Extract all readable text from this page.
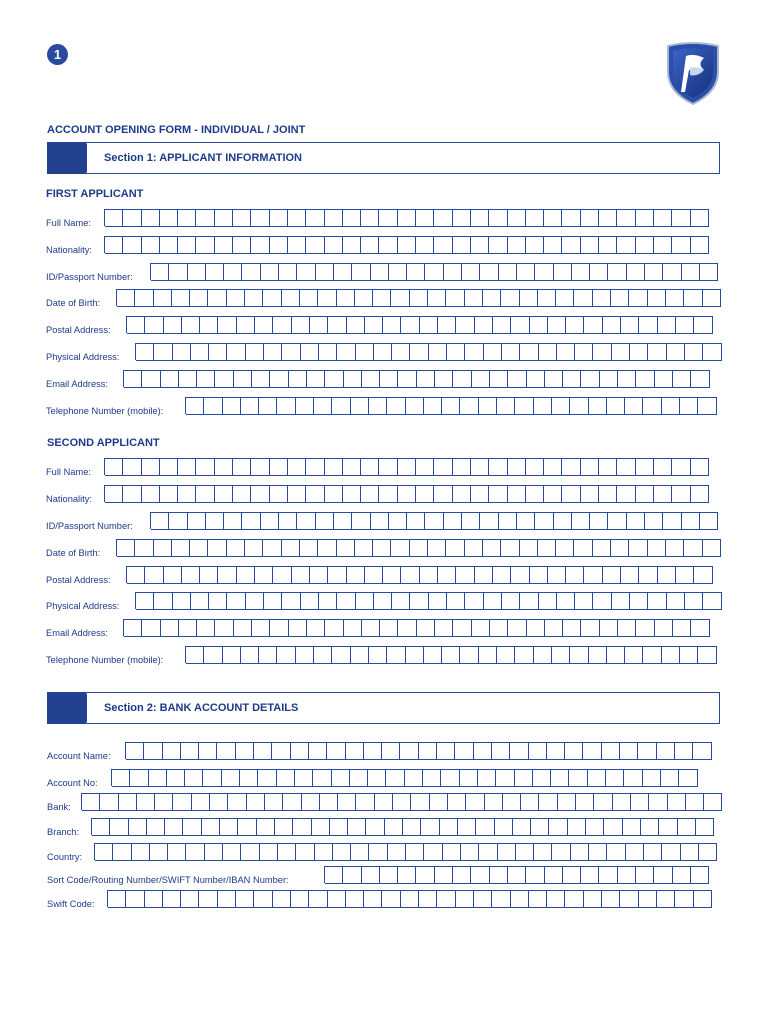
1
ACCOUNT OPENING FORM - INDIVIDUAL / JOINT
Section 1: APPLICANT INFORMATION
FIRST APPLICANT
Full Name:
Nationality:
ID/Passport Number:
Date of Birth:
Postal Address:
Physical Address:
Email Address:
Telephone Number (mobile):
SECOND APPLICANT
Full Name:
Nationality:
ID/Passport Number:
Date of Birth:
Postal Address:
Physical Address:
Email Address:
Telephone Number (mobile):
Section 2: BANK ACCOUNT DETAILS
Account Name:
Account No:
Bank:
Branch:
Country:
Sort Code/Routing Number/SWIFT Number/IBAN Number:
Swift Code:
